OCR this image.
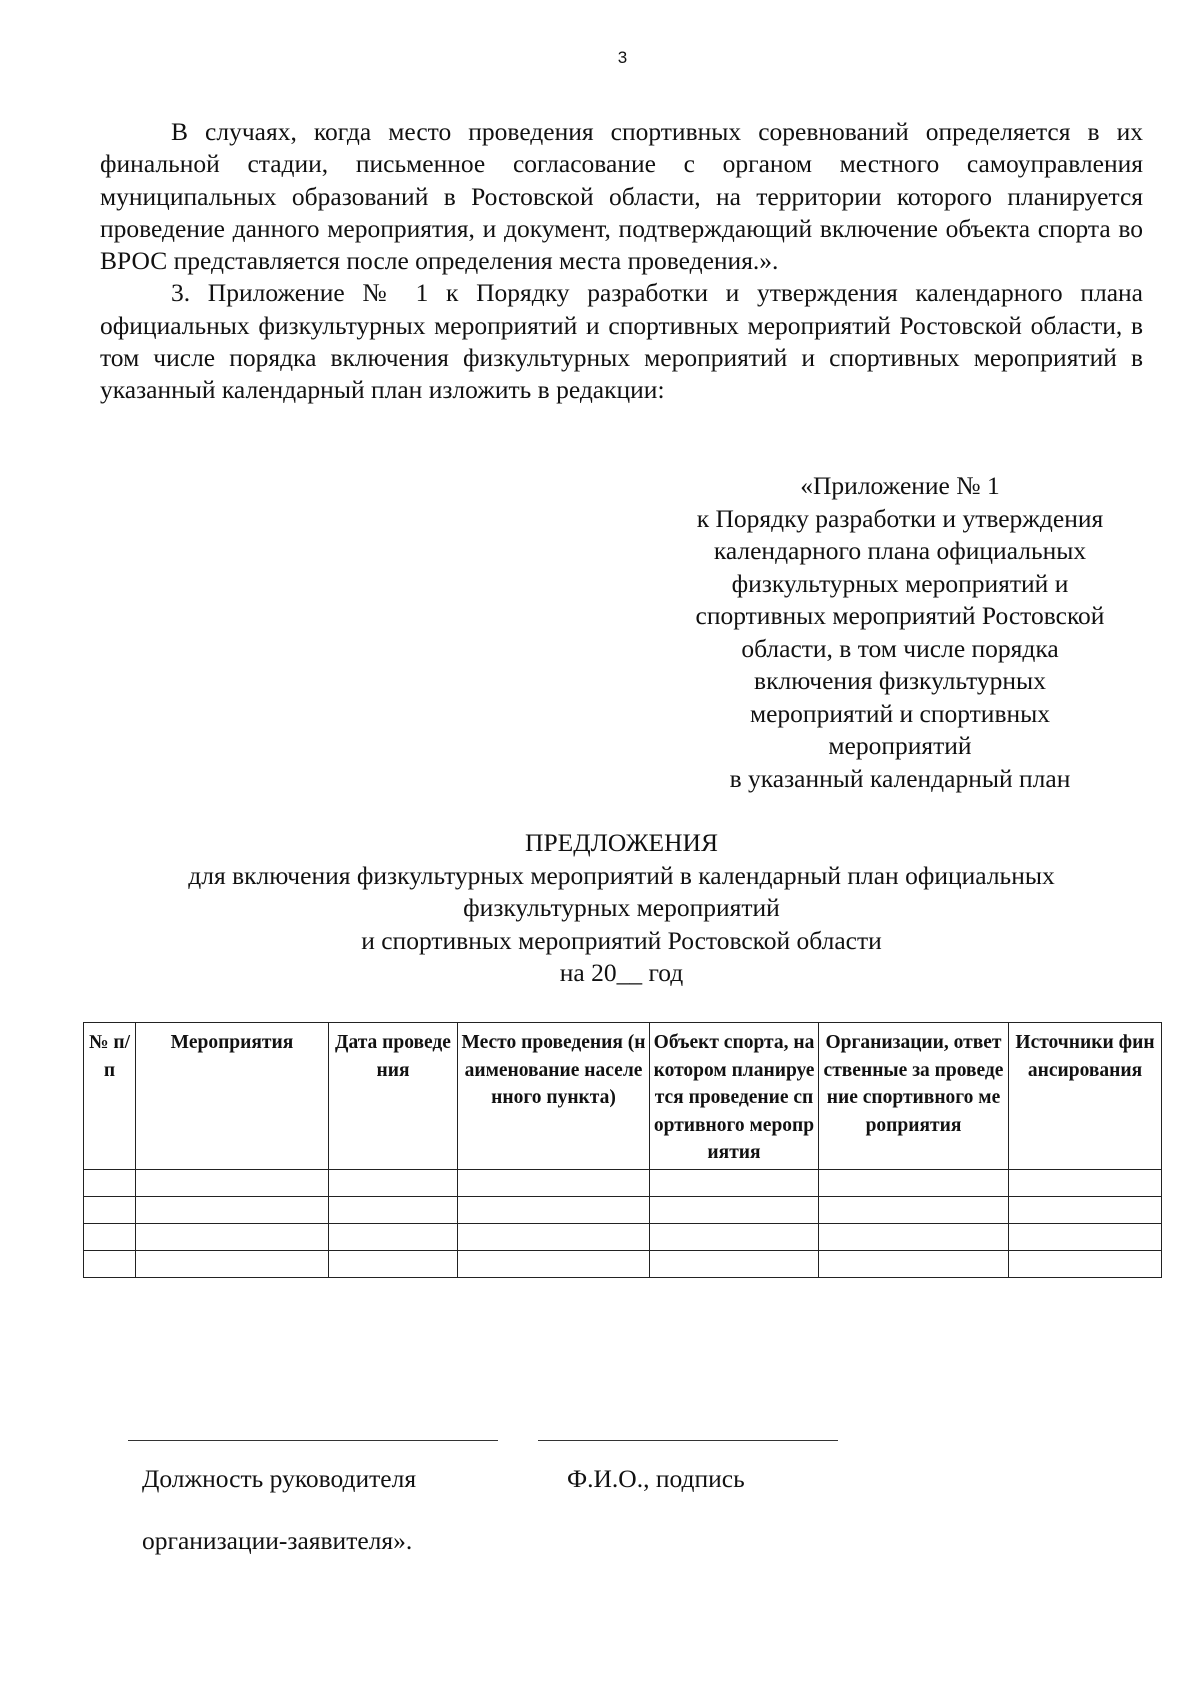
3

В случаях, когда место проведения спортивных соревнований определяется в их финальной стадии, письменное согласование с органом местного самоуправления муниципальных образований в Ростовской области, на территории которого планируется проведение данного мероприятия, и документ, подтверждающий включение объекта спорта во ВРОС представляется после определения места проведения.».

3. Приложение № 1 к Порядку разработки и утверждения календарного плана официальных физкультурных мероприятий и спортивных мероприятий Ростовской области, в том числе порядка включения физкультурных мероприятий и спортивных мероприятий в указанный календарный план изложить в редакции:

«Приложение № 1
к Порядку разработки и утверждения
календарного плана официальных
физкультурных мероприятий и
спортивных мероприятий Ростовской
области, в том числе порядка
включения физкультурных
мероприятий и спортивных
мероприятий
в указанный календарный план
ПРЕДЛОЖЕНИЯ
для включения физкультурных мероприятий в календарный план официальных
физкультурных мероприятий
и спортивных мероприятий Ростовской области
на 20__ год
№ п/п	Мероприятия	Дата проведения	Место проведения (наименование населенного пункта)	Объект спорта, на котором планируется проведение спортивного мероприятия	Организации, ответственные за проведение спортивного мероприятия	Источники финансирования

Должность руководителя	Ф.И.О., подпись
организации-заявителя».
